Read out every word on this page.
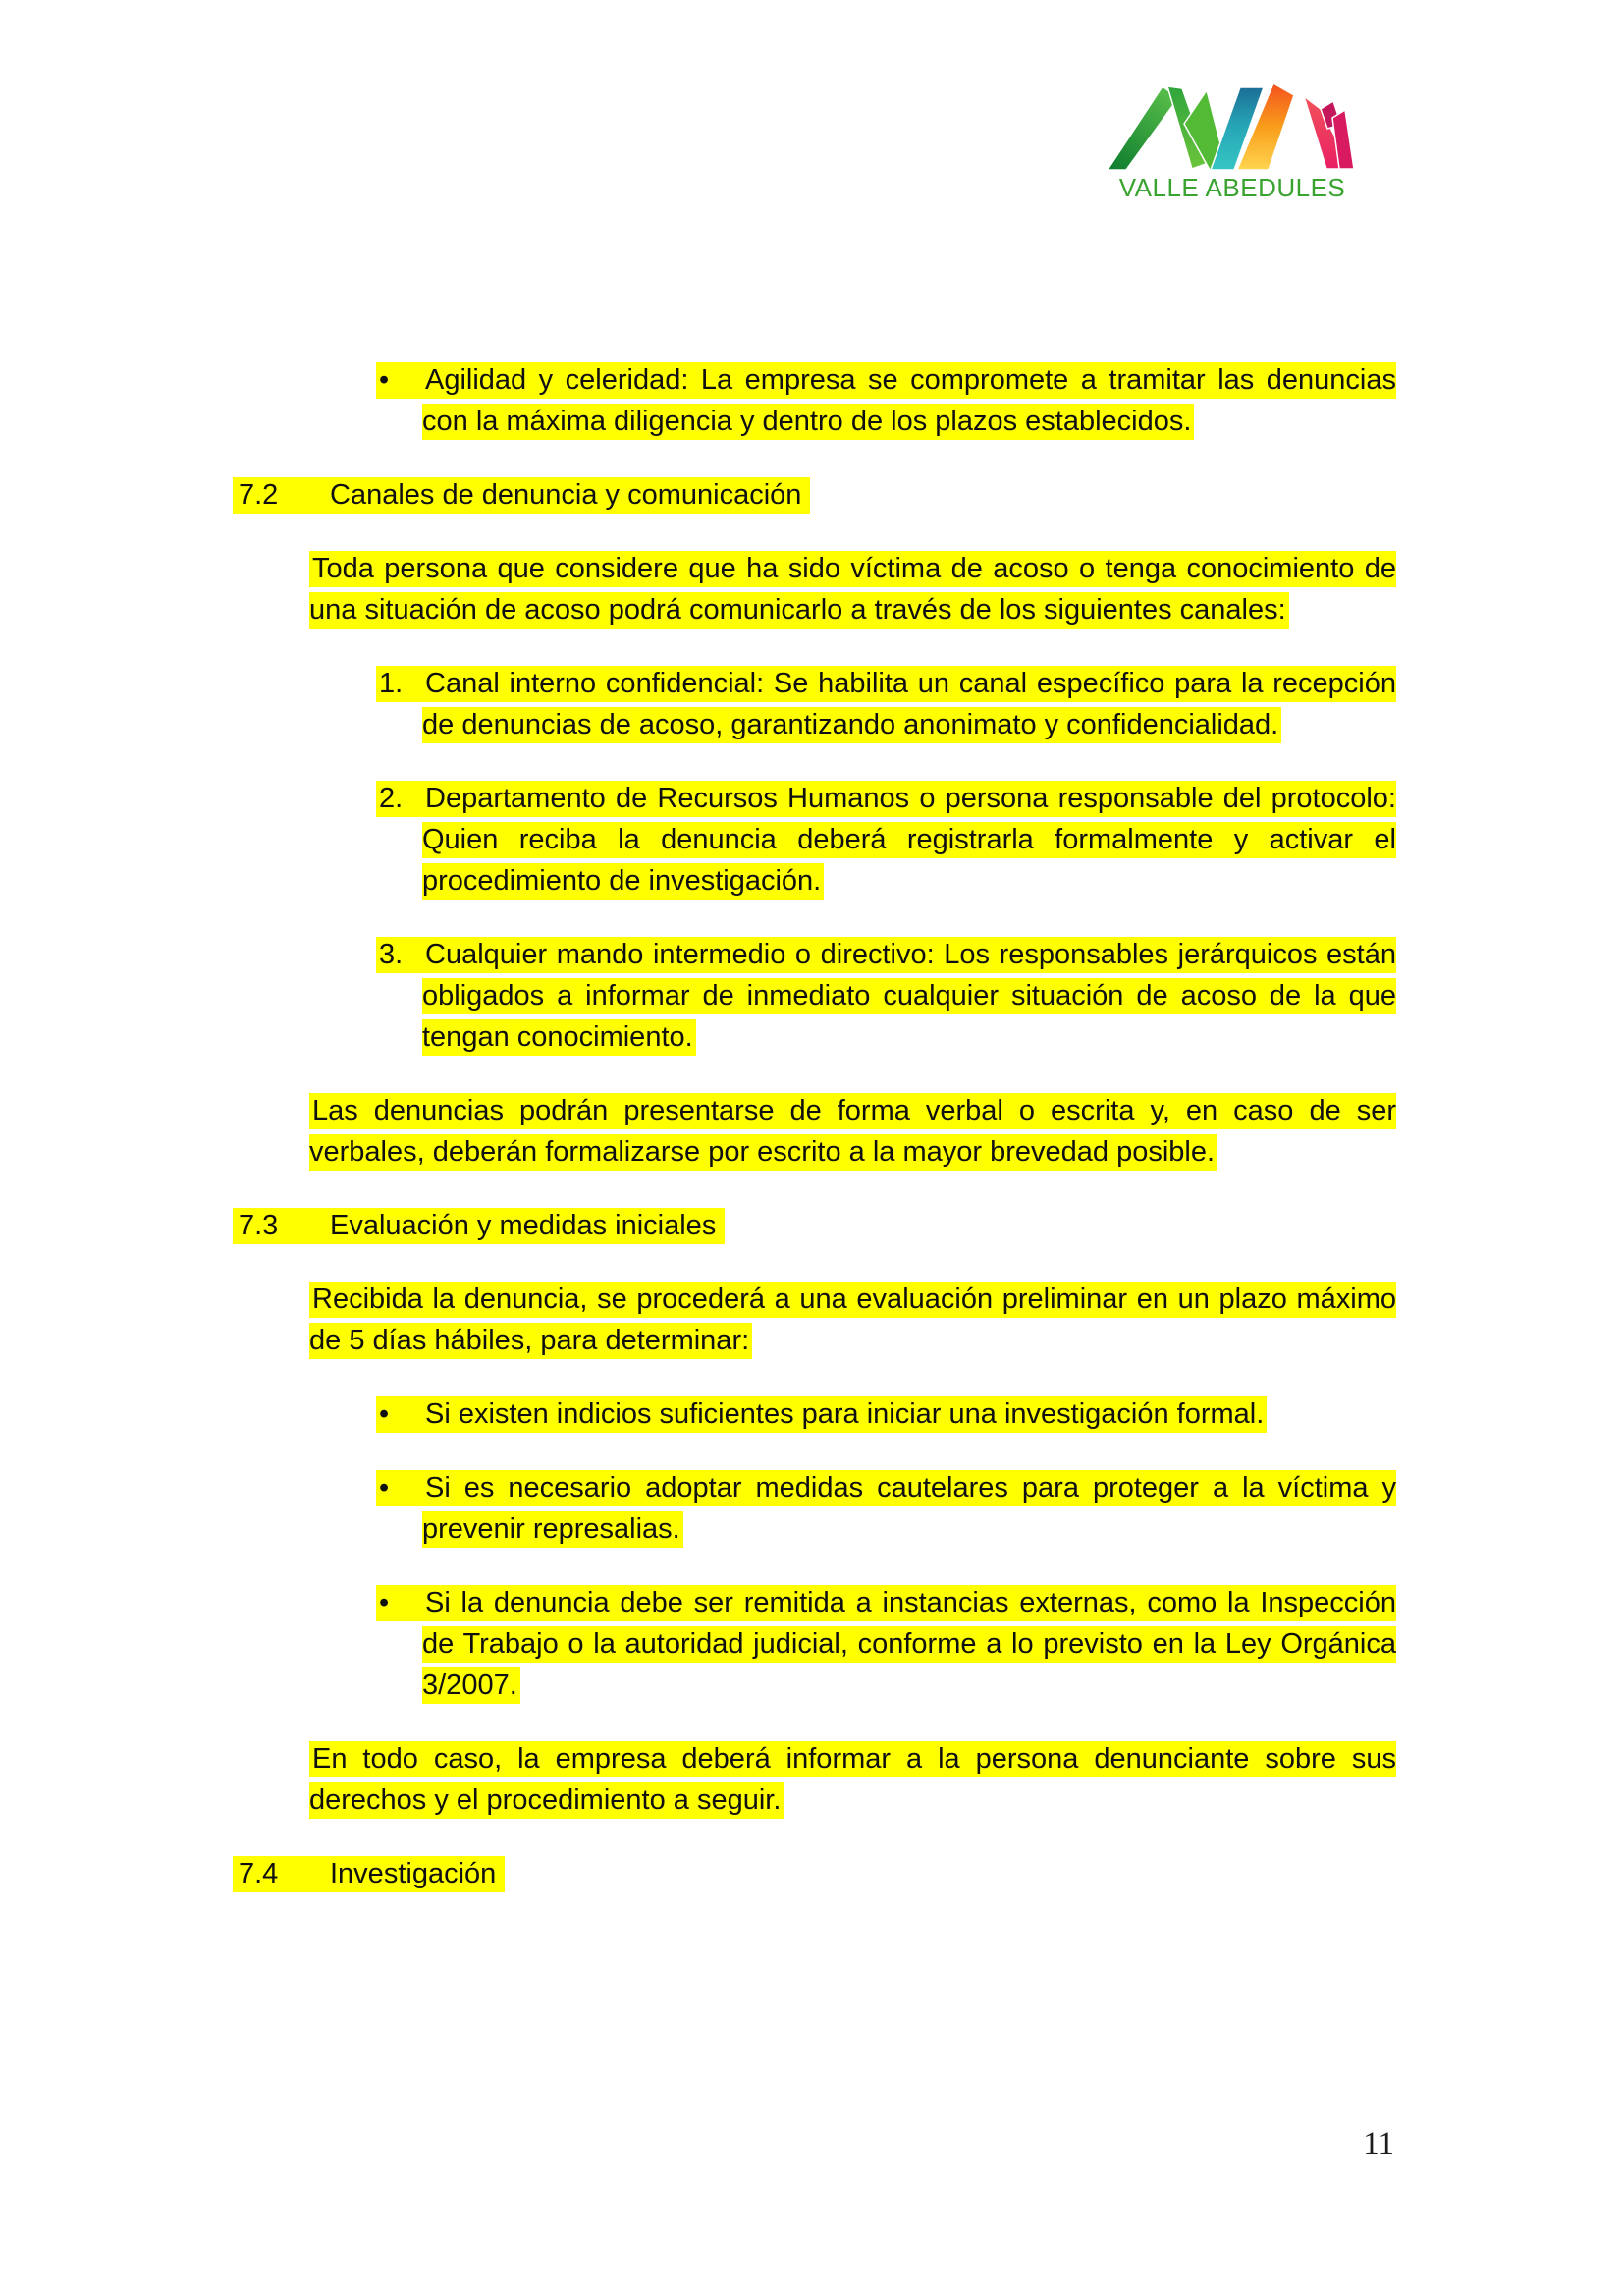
VALLE ABEDULES
• Agilidad y celeridad: La empresa se compromete a tramitar las denuncias con la máxima diligencia y dentro de los plazos establecidos.
7.2 Canales de denuncia y comunicación
Toda persona que considere que ha sido víctima de acoso o tenga conocimiento de una situación de acoso podrá comunicarlo a través de los siguientes canales:
1. Canal interno confidencial: Se habilita un canal específico para la recepción de denuncias de acoso, garantizando anonimato y confidencialidad.
2. Departamento de Recursos Humanos o persona responsable del protocolo: Quien reciba la denuncia deberá registrarla formalmente y activar el procedimiento de investigación.
3. Cualquier mando intermedio o directivo: Los responsables jerárquicos están obligados a informar de inmediato cualquier situación de acoso de la que tengan conocimiento.
Las denuncias podrán presentarse de forma verbal o escrita y, en caso de ser verbales, deberán formalizarse por escrito a la mayor brevedad posible.
7.3 Evaluación y medidas iniciales
Recibida la denuncia, se procederá a una evaluación preliminar en un plazo máximo de 5 días hábiles, para determinar:
• Si existen indicios suficientes para iniciar una investigación formal.
• Si es necesario adoptar medidas cautelares para proteger a la víctima y prevenir represalias.
• Si la denuncia debe ser remitida a instancias externas, como la Inspección de Trabajo o la autoridad judicial, conforme a lo previsto en la Ley Orgánica 3/2007.
En todo caso, la empresa deberá informar a la persona denunciante sobre sus derechos y el procedimiento a seguir.
7.4 Investigación
11
